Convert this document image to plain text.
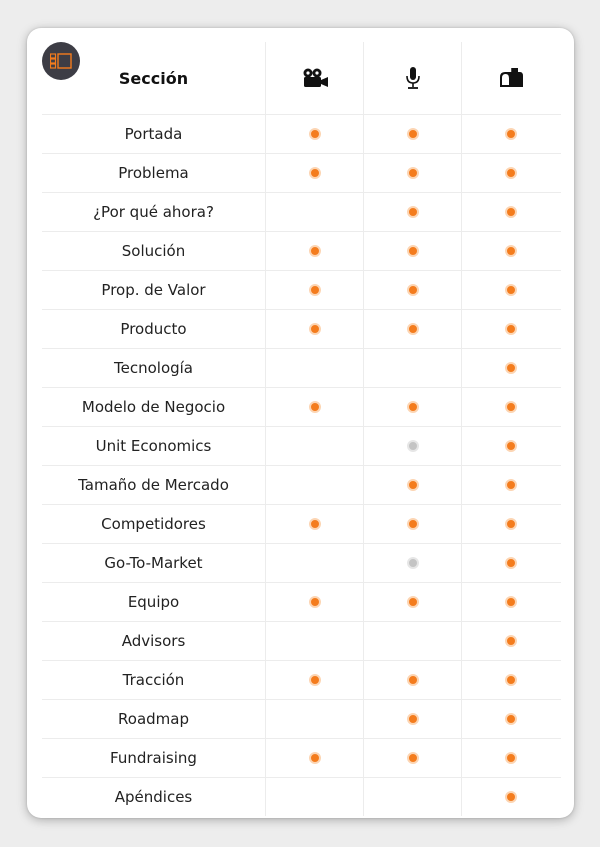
Sección
Portada
Problema
¿Por qué ahora?
Solución
Prop. de Valor
Producto
Tecnología
Modelo de Negocio
Unit Economics
Tamaño de Mercado
Competidores
Go-To-Market
Equipo
Advisors
Tracción
Roadmap
Fundraising
Apéndices
